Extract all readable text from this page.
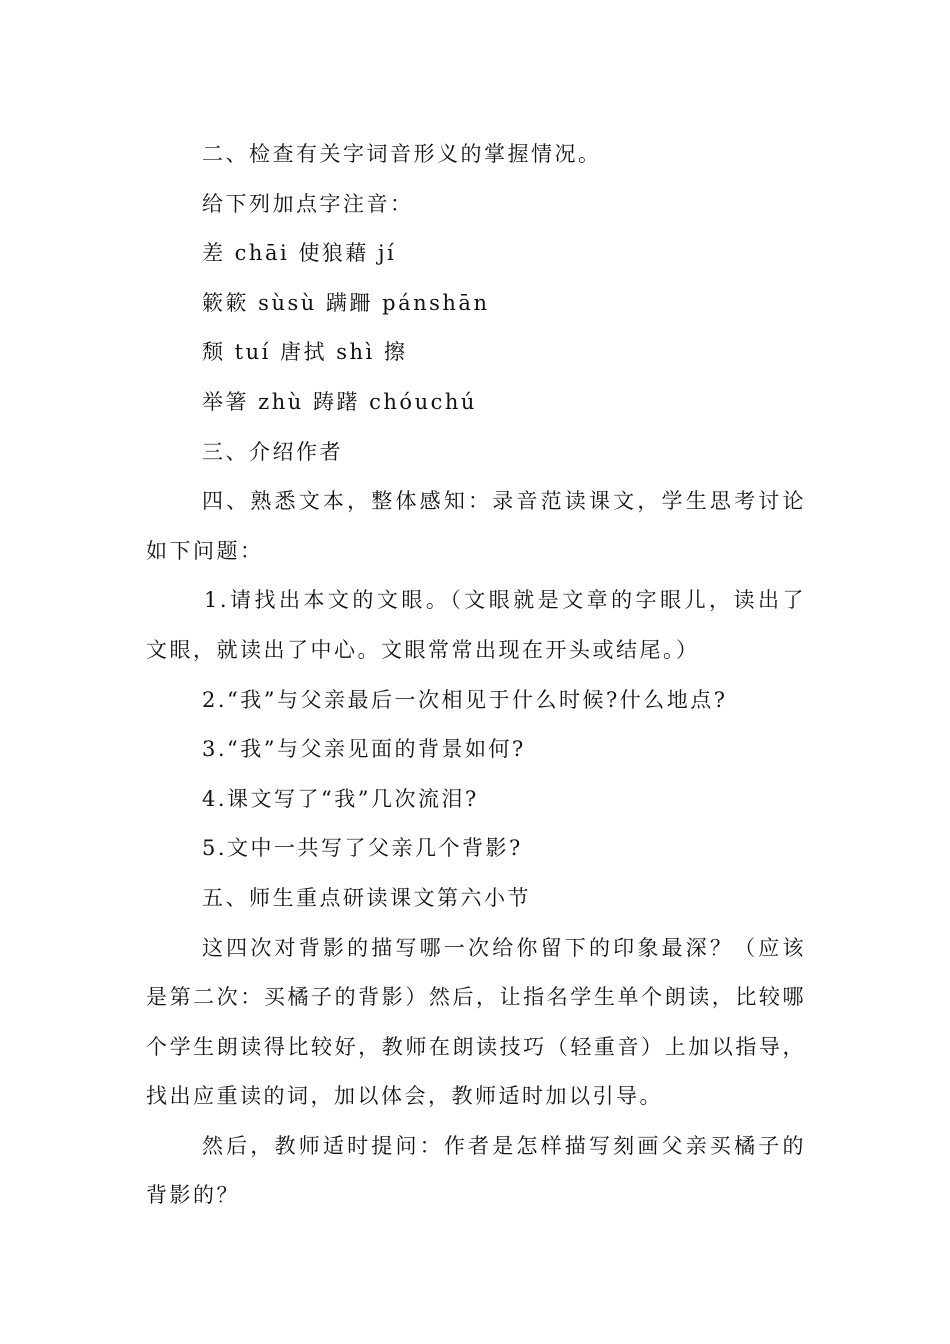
二、检查有关字词音形义的掌握情况。

给下列加点字注音：

差 chāi 使狼藉 jí

簌簌 sùsù 蹒跚 pánshān

颓 tuí 唐拭 shì 擦

举箸 zhù 踌躇 chóuchú

三、介绍作者

四、熟悉文本，整体感知：录音范读课文，学生思考讨论如下问题：

1.请找出本文的文眼。（文眼就是文章的字眼儿，读出了文眼，就读出了中心。文眼常常出现在开头或结尾。）

2.“我”与父亲最后一次相见于什么时候?什么地点?

3.“我”与父亲见面的背景如何?

4.课文写了“我”几次流泪?

5.文中一共写了父亲几个背影?

五、师生重点研读课文第六小节

这四次对背影的描写哪一次给你留下的印象最深？（应该是第二次：买橘子的背影）然后，让指名学生单个朗读，比较哪个学生朗读得比较好，教师在朗读技巧（轻重音）上加以指导，找出应重读的词，加以体会，教师适时加以引导。

然后，教师适时提问：作者是怎样描写刻画父亲买橘子的背影的？
